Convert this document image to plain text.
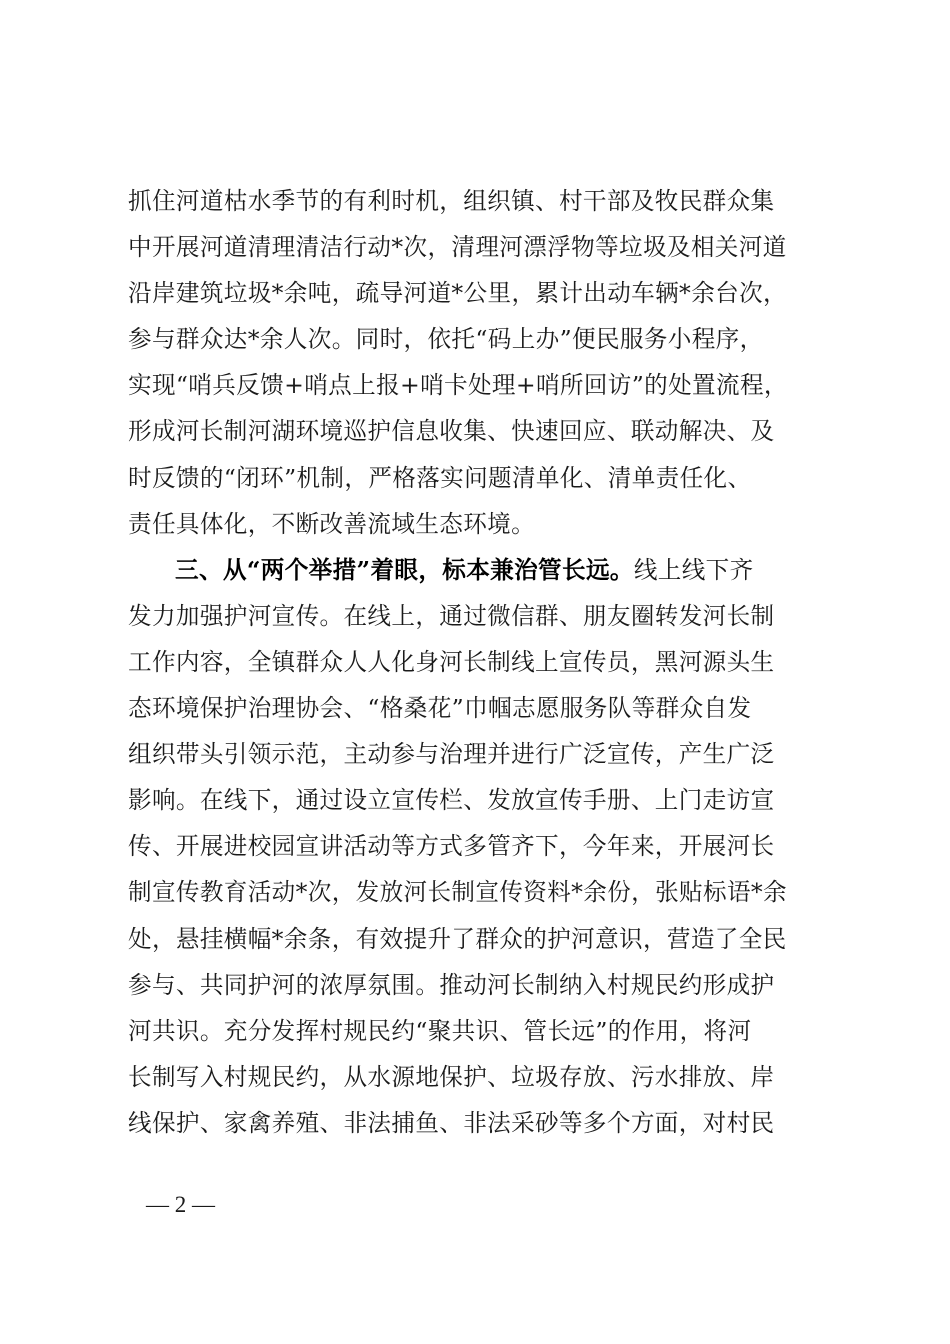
抓住河道枯水季节的有利时机，组织镇、村干部及牧民群众集
中开展河道清理清洁行动*次，清理河漂浮物等垃圾及相关河道
沿岸建筑垃圾*余吨，疏导河道*公里，累计出动车辆*余台次，
参与群众达*余人次。同时，依托“码上办”便民服务小程序，
实现“哨兵反馈+哨点上报+哨卡处理+哨所回访”的处置流程，
形成河长制河湖环境巡护信息收集、快速回应、联动解决、及
时反馈的“闭环”机制，严格落实问题清单化、清单责任化、
责任具体化，不断改善流域生态环境。
三、从“两个举措”着眼，标本兼治管长远。线上线下齐
发力加强护河宣传。在线上，通过微信群、朋友圈转发河长制
工作内容，全镇群众人人化身河长制线上宣传员，黑河源头生
态环境保护治理协会、“格桑花”巾帼志愿服务队等群众自发
组织带头引领示范，主动参与治理并进行广泛宣传，产生广泛
影响。在线下，通过设立宣传栏、发放宣传手册、上门走访宣
传、开展进校园宣讲活动等方式多管齐下，今年来，开展河长
制宣传教育活动*次，发放河长制宣传资料*余份，张贴标语*余
处，悬挂横幅*余条，有效提升了群众的护河意识，营造了全民
参与、共同护河的浓厚氛围。推动河长制纳入村规民约形成护
河共识。充分发挥村规民约“聚共识、管长远”的作用，将河
长制写入村规民约，从水源地保护、垃圾存放、污水排放、岸
线保护、家禽养殖、非法捕鱼、非法采砂等多个方面，对村民
— 2 —
